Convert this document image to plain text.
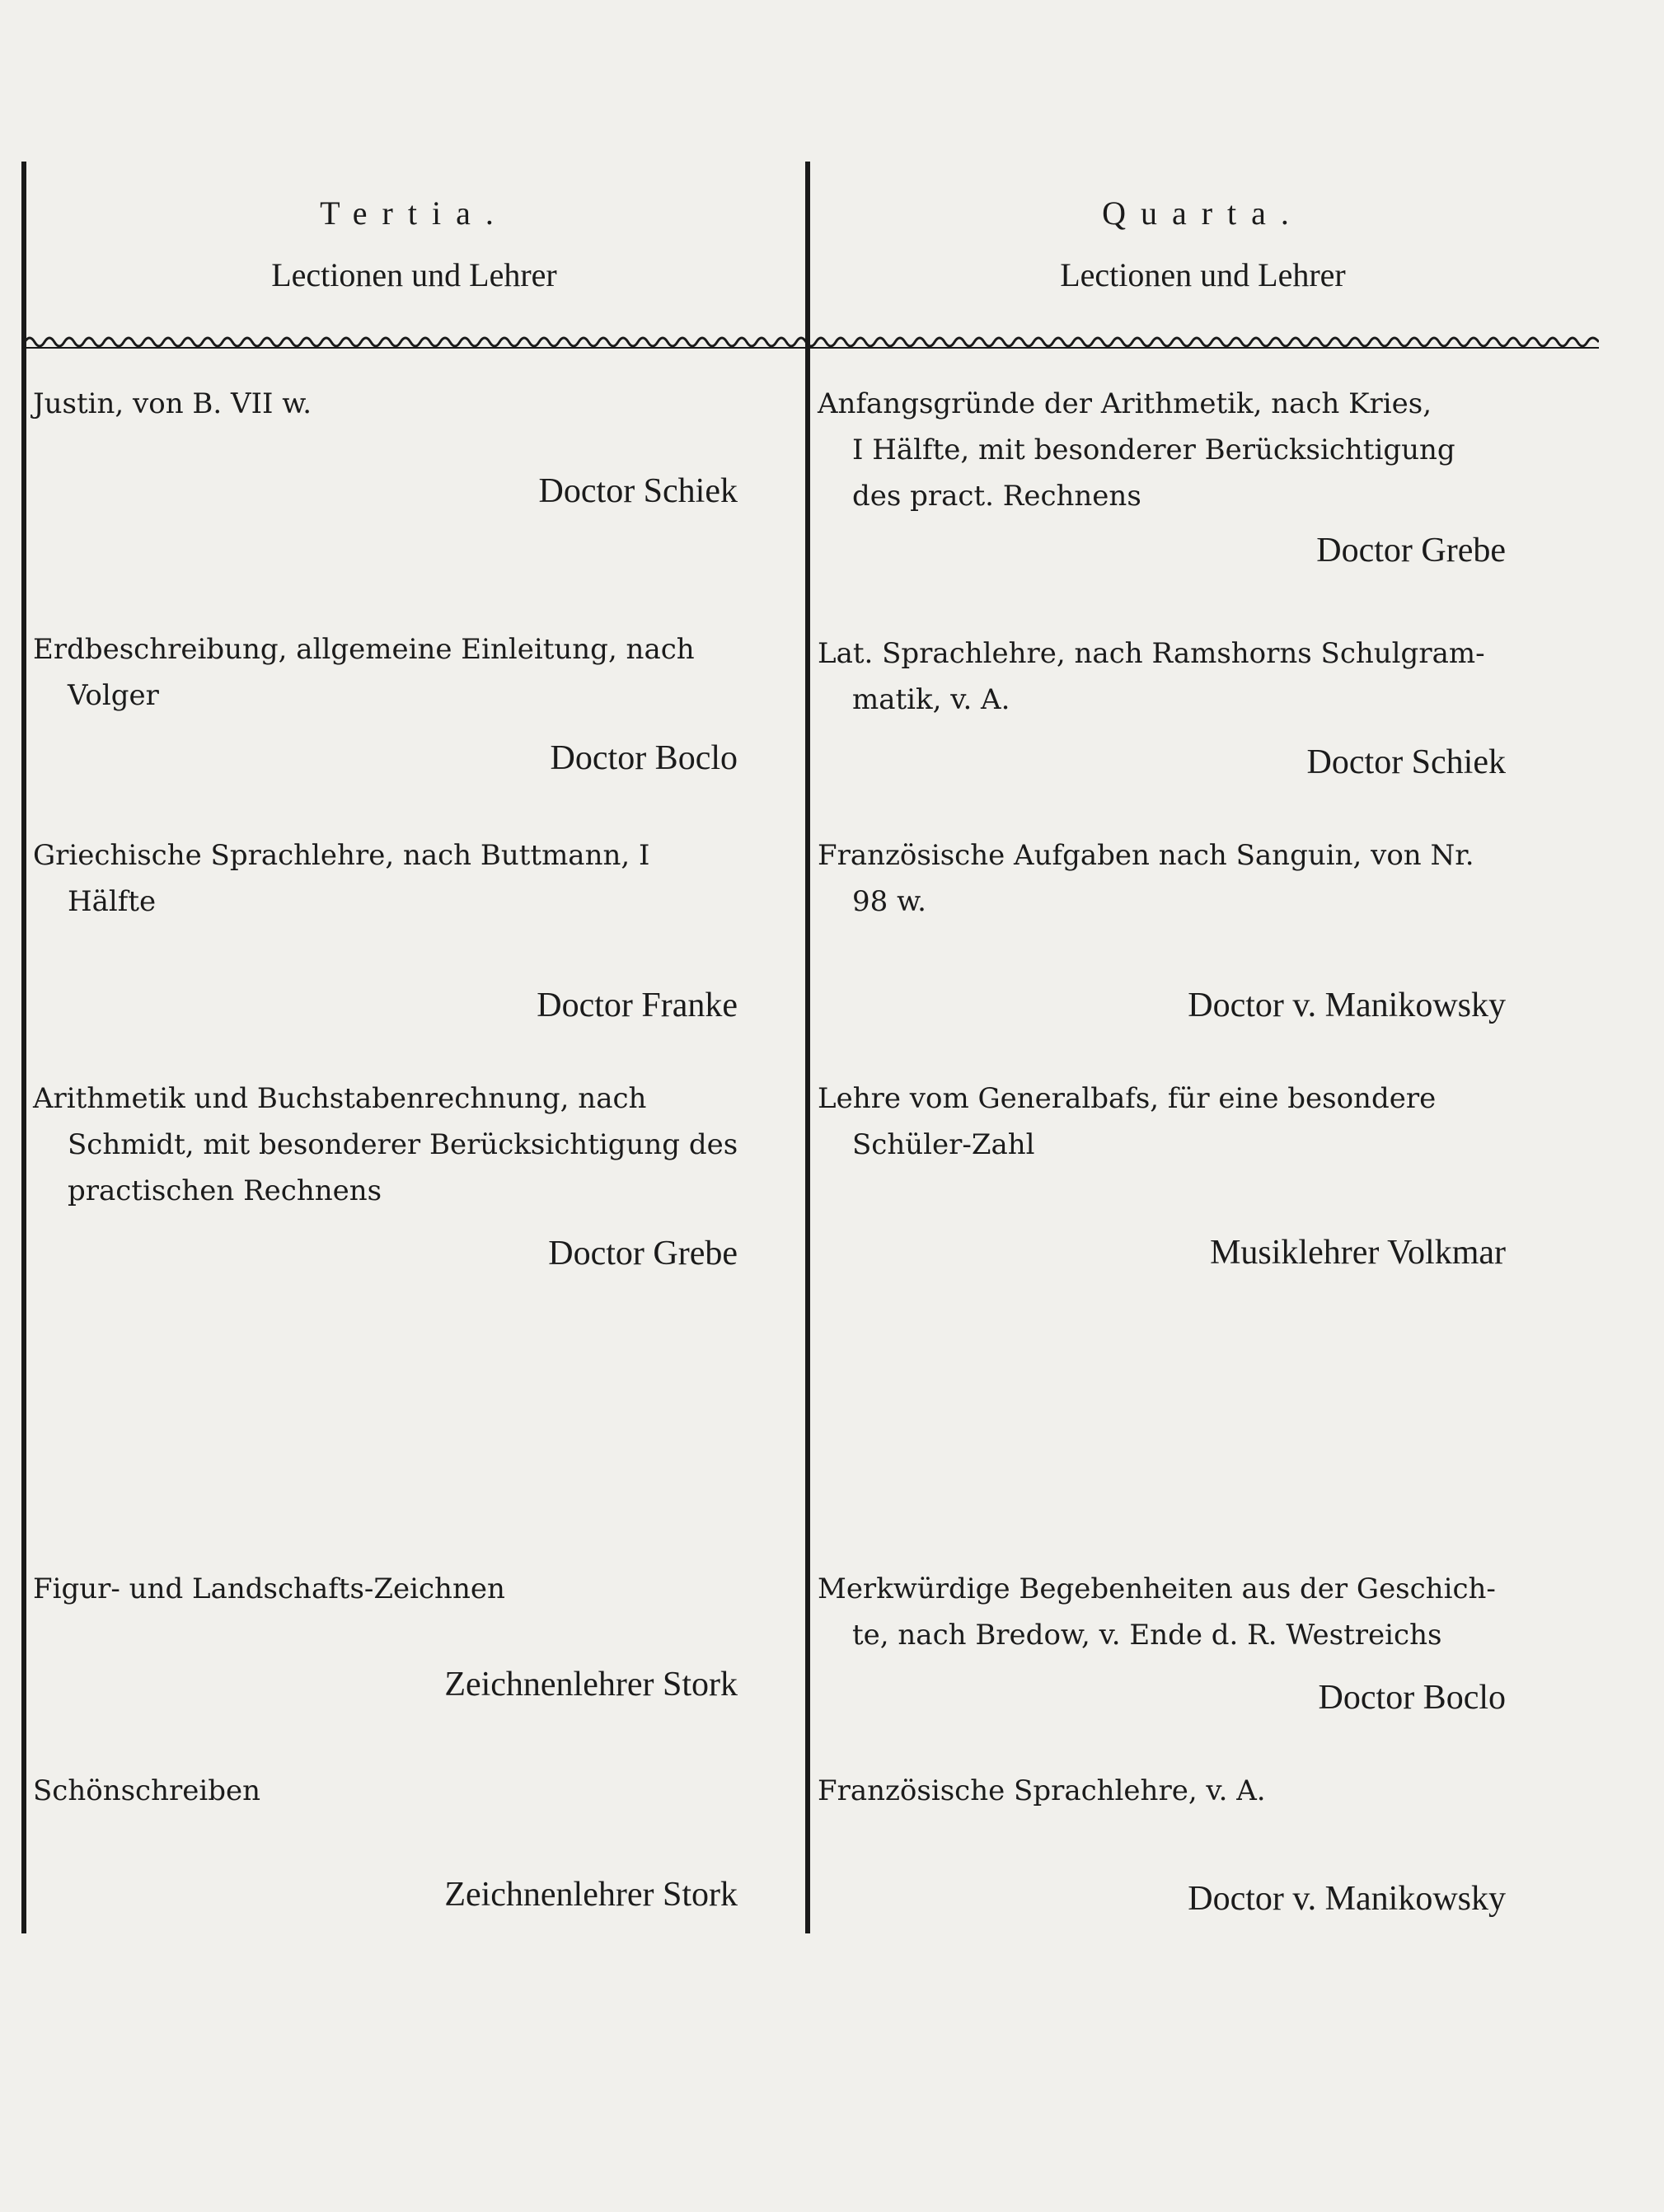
Tertia.
Lectionen und Lehrer
Justin, von B. VII w.
Doctor Schiek
Erdbeschreibung, allgemeine Einleitung, nach
Volger
Doctor Boclo
Griechische Sprachlehre, nach Buttmann, I
Hälfte
Doctor Franke
Arithmetik und Buchstabenrechnung, nach
Schmidt, mit besonderer Berücksichtigung des
practischen Rechnens
Doctor Grebe
Figur- und Landschafts-Zeichnen
Zeichnenlehrer Stork
Schönschreiben
Zeichnenlehrer Stork
Quarta.
Lectionen und Lehrer
Anfangsgründe der Arithmetik, nach Kries,
I Hälfte, mit besonderer Berücksichtigung
des pract. Rechnens
Doctor Grebe
Lat. Sprachlehre, nach Ramshorns Schulgram-
matik, v. A.
Doctor Schiek
Französische Aufgaben nach Sanguin, von Nr.
98 w.
Doctor v. Manikowsky
Lehre vom Generalbafs, für eine besondere
Schüler-Zahl
Musiklehrer Volkmar
Merkwürdige Begebenheiten aus der Geschich-
te, nach Bredow, v. Ende d. R. Westreichs
Doctor Boclo
Französische Sprachlehre, v. A.
Doctor v. Manikowsky
